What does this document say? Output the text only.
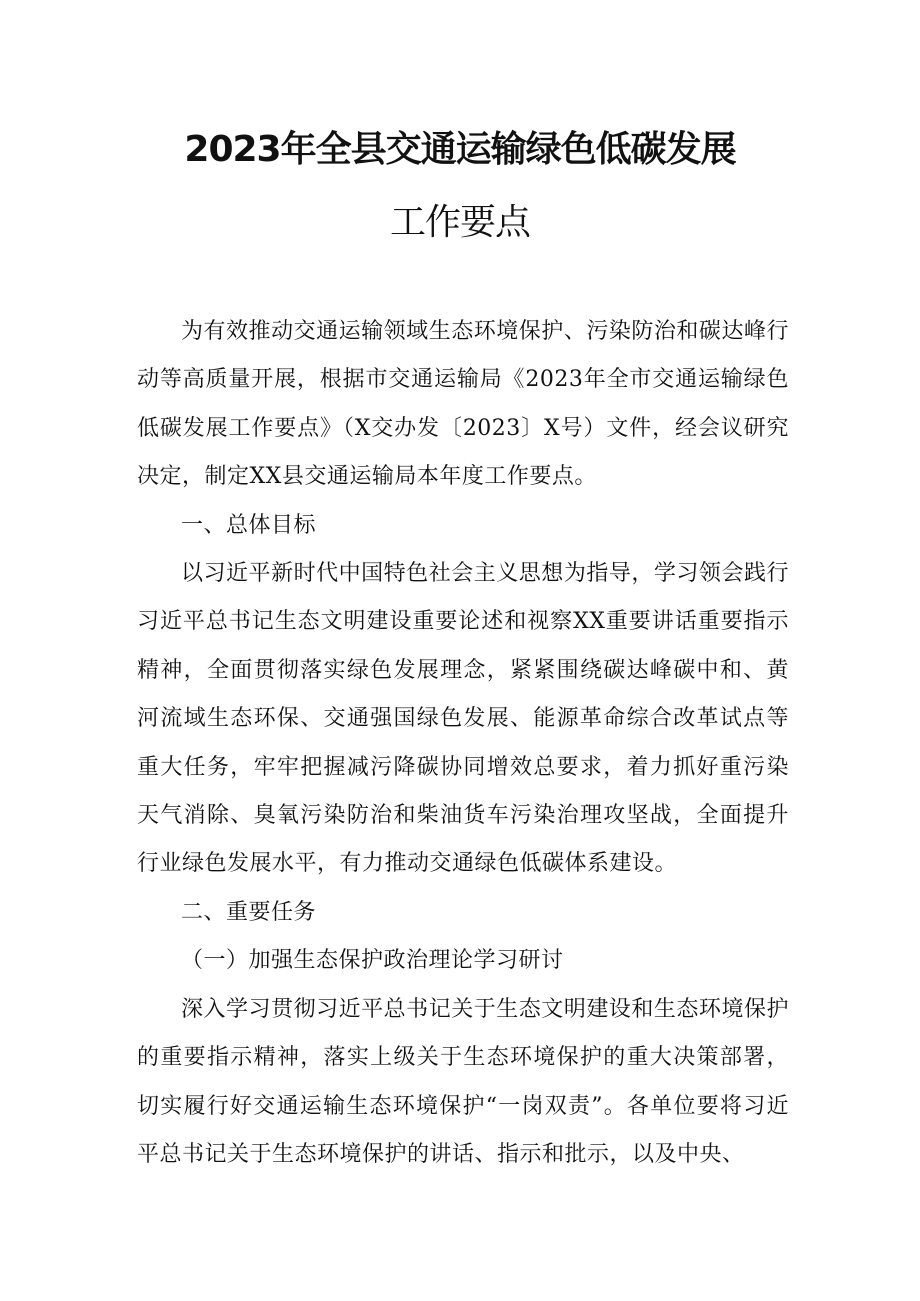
2023年全县交通运输绿色低碳发展
工作要点

为有效推动交通运输领域生态环境保护、污染防治和碳达峰行动等高质量开展，根据市交通运输局《2023年全市交通运输绿色低碳发展工作要点》（X交办发〔2023〕X号）文件，经会议研究决定，制定XX县交通运输局本年度工作要点。

一、总体目标

以习近平新时代中国特色社会主义思想为指导，学习领会践行习近平总书记生态文明建设重要论述和视察XX重要讲话重要指示精神，全面贯彻落实绿色发展理念，紧紧围绕碳达峰碳中和、黄河流域生态环保、交通强国绿色发展、能源革命综合改革试点等重大任务，牢牢把握减污降碳协同增效总要求，着力抓好重污染天气消除、臭氧污染防治和柴油货车污染治理攻坚战，全面提升行业绿色发展水平，有力推动交通绿色低碳体系建设。

二、重要任务

（一）加强生态保护政治理论学习研讨

深入学习贯彻习近平总书记关于生态文明建设和生态环境保护的重要指示精神，落实上级关于生态环境保护的重大决策部署，切实履行好交通运输生态环境保护“一岗双责”。各单位要将习近平总书记关于生态环境保护的讲话、指示和批示，以及中央、
